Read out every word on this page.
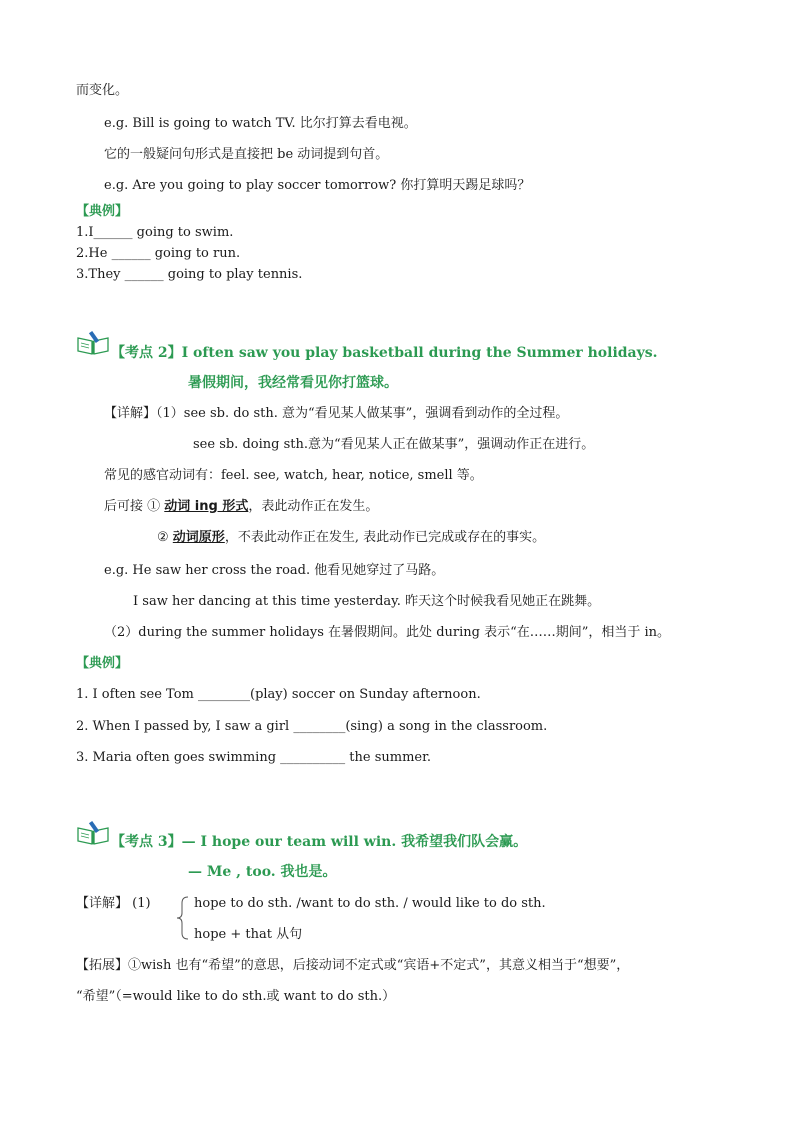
而变化。
e.g. Bill is going to watch TV. 比尔打算去看电视。
它的一般疑问句形式是直接把 be 动词提到句首。
e.g. Are you going to play soccer tomorrow? 你打算明天踢足球吗？
【典例】
1.I______ going to swim.
2.He ______ going to run.
3.They ______ going to play tennis.
【考点 2】I often saw you play basketball during the Summer holidays.
暑假期间，我经常看见你打篮球。
【详解】（1）see sb. do sth. 意为“看见某人做某事”，强调看到动作的全过程。
see sb. doing sth.意为“看见某人正在做某事”，强调动作正在进行。
常见的感官动词有：feel. see, watch, hear, notice, smell 等。
后可接 ① 动词 ing 形式，表此动作正在发生。
② 动词原形，不表此动作正在发生, 表此动作已完成或存在的事实。
e.g. He saw her cross the road. 他看见她穿过了马路。
I saw her dancing at this time yesterday. 昨天这个时候我看见她正在跳舞。
（2）during the summer holidays 在暑假期间。此处 during 表示“在……期间”，相当于 in。
【典例】
1. I often see Tom ________(play) soccer on Sunday afternoon.
2. When I passed by, I saw a girl ________(sing) a song in the classroom.
3. Maria often goes swimming __________ the summer.
【考点 3】— I hope our team will win. 我希望我们队会赢。
— Me , too. 我也是。
【详解】 (1)	hope to do sth. /want to do sth. / would like to do sth.
hope + that 从句
【拓展】①wish 也有“希望”的意思，后接动词不定式或“宾语+不定式”，其意义相当于“想要”，
“希望”（=would like to do sth.或 want to do sth.）
